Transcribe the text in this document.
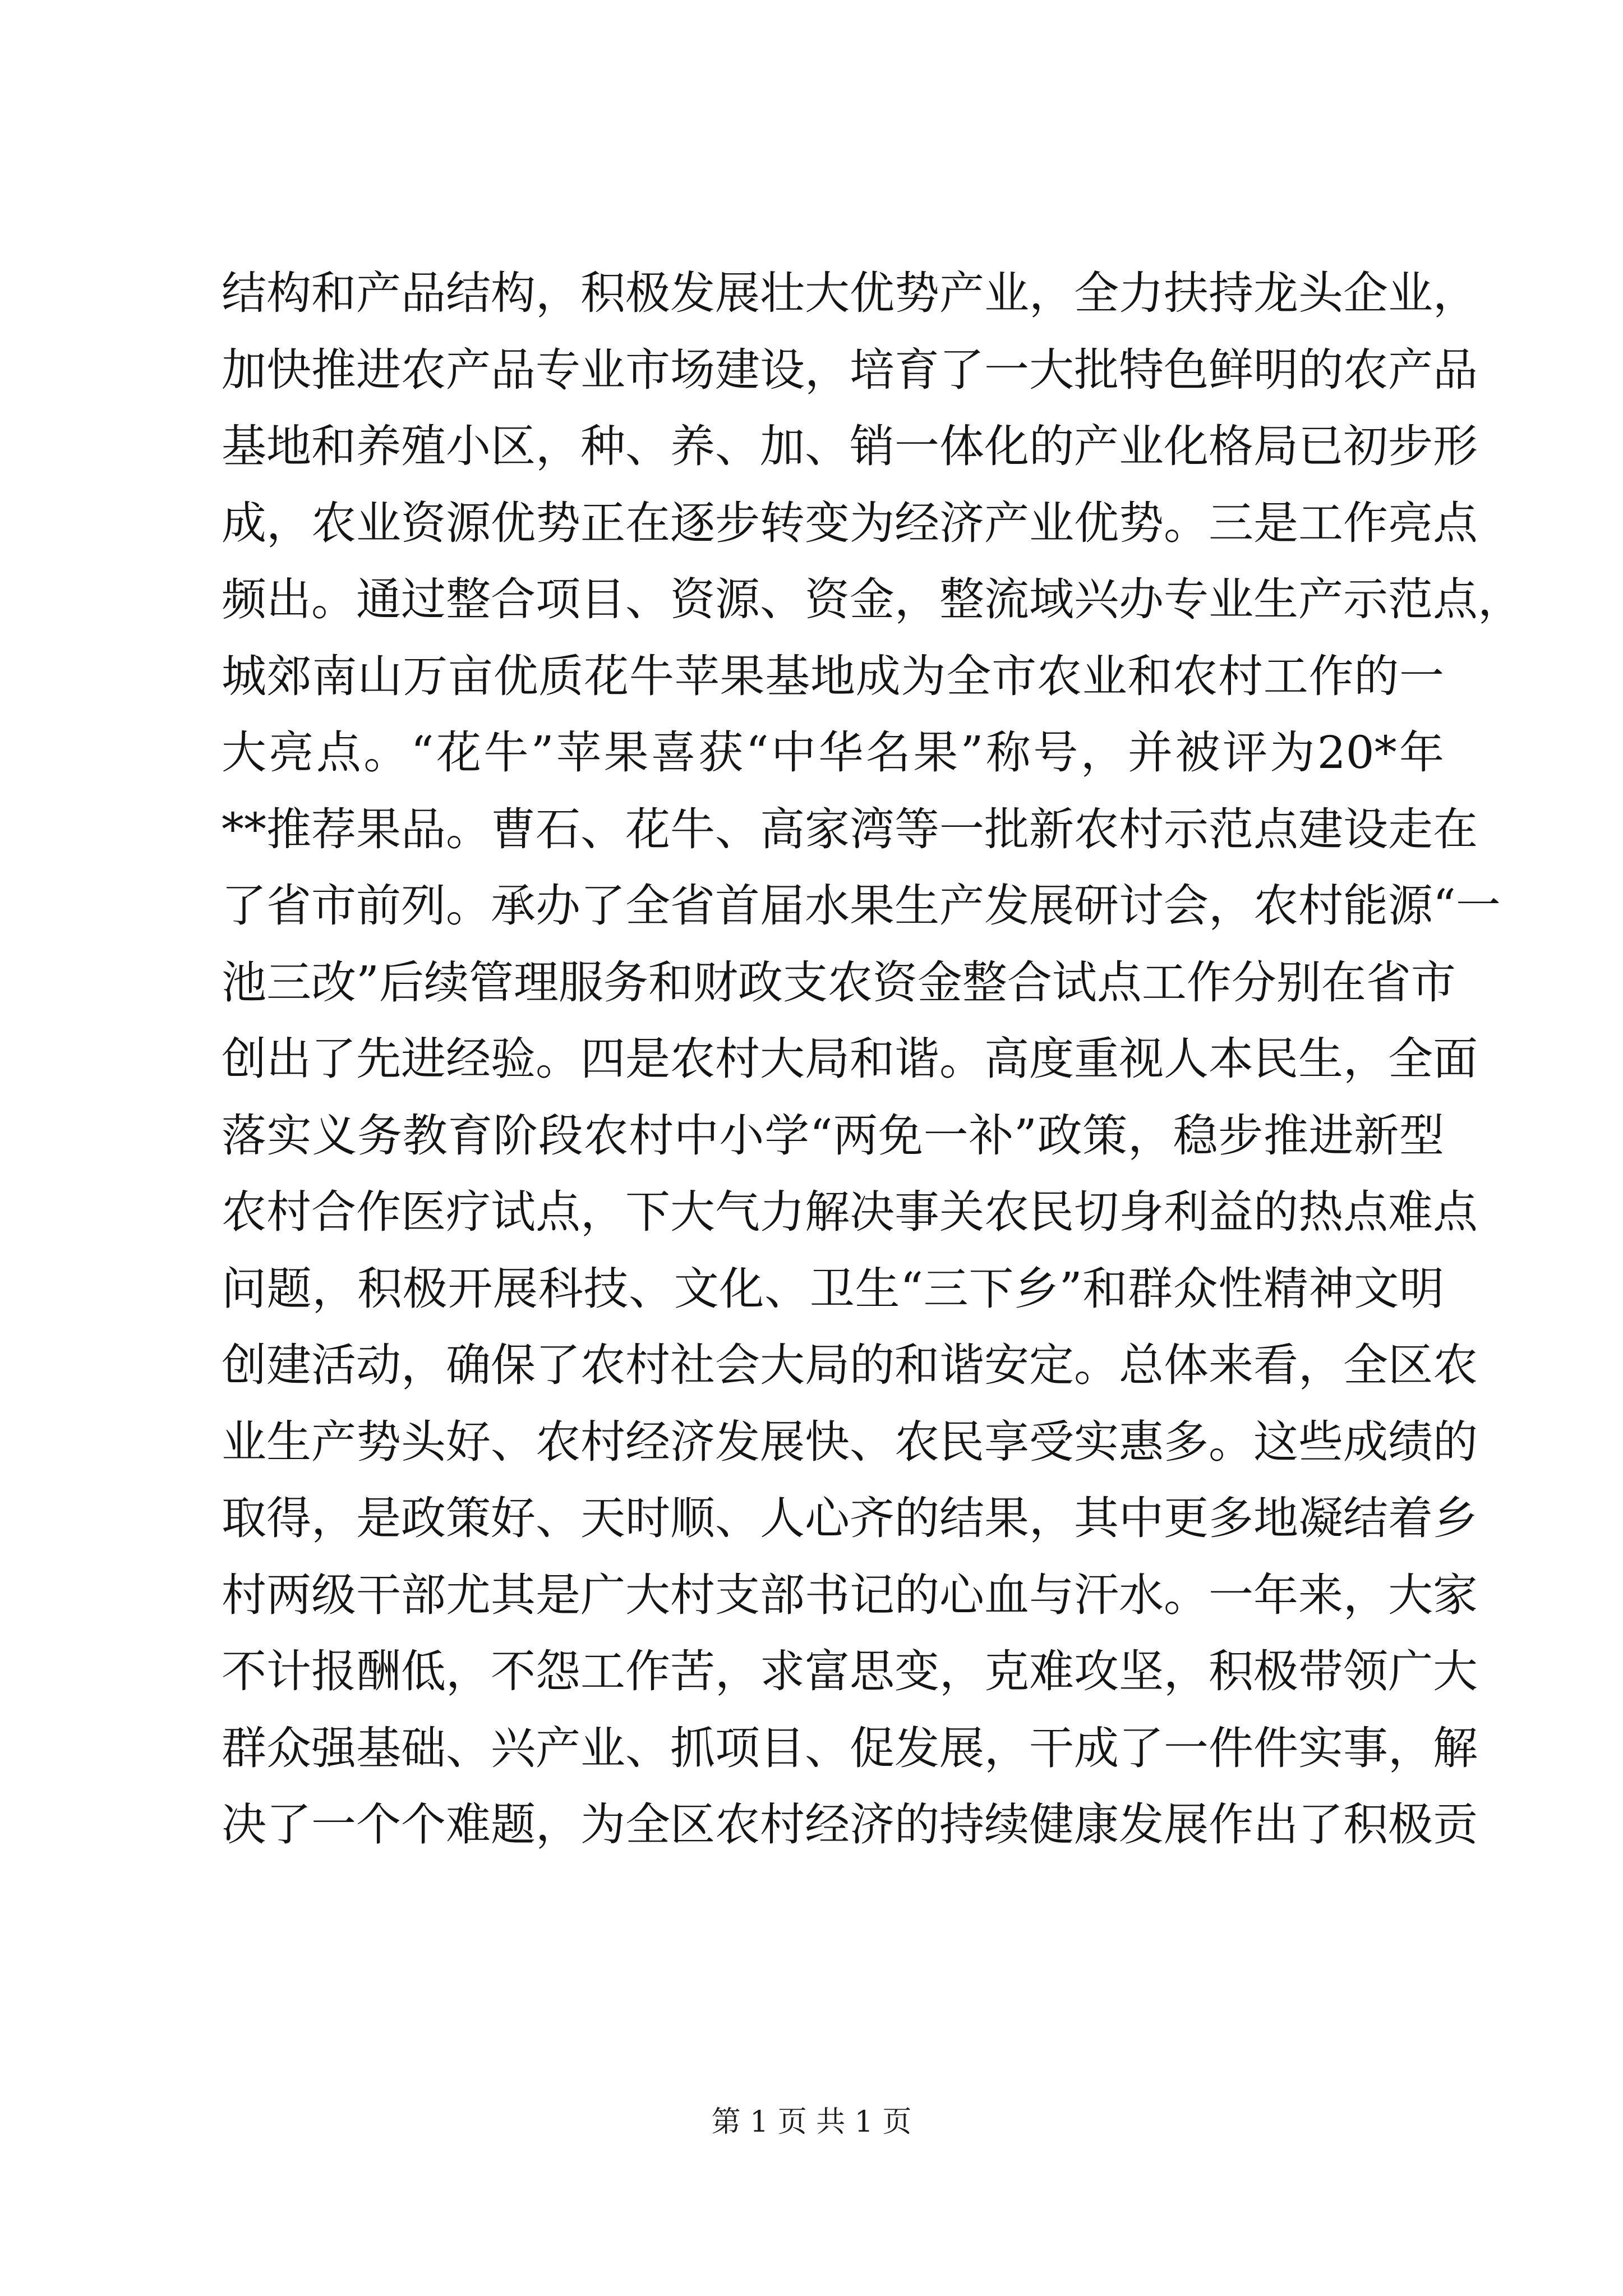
结构和产品结构，积极发展壮大优势产业，全力扶持龙头企业，
加快推进农产品专业市场建设，培育了一大批特色鲜明的农产品
基地和养殖小区，种、养、加、销一体化的产业化格局已初步形
成，农业资源优势正在逐步转变为经济产业优势。三是工作亮点
频出。通过整合项目、资源、资金，整流域兴办专业生产示范点，
城郊南山万亩优质花牛苹果基地成为全市农业和农村工作的一
大亮点。“花牛”苹果喜获“中华名果”称号，并被评为20*年
**推荐果品。曹石、花牛、高家湾等一批新农村示范点建设走在
了省市前列。承办了全省首届水果生产发展研讨会，农村能源“一
池三改”后续管理服务和财政支农资金整合试点工作分别在省市
创出了先进经验。四是农村大局和谐。高度重视人本民生，全面
落实义务教育阶段农村中小学“两免一补”政策，稳步推进新型
农村合作医疗试点，下大气力解决事关农民切身利益的热点难点
问题，积极开展科技、文化、卫生“三下乡”和群众性精神文明
创建活动，确保了农村社会大局的和谐安定。总体来看，全区农
业生产势头好、农村经济发展快、农民享受实惠多。这些成绩的
取得，是政策好、天时顺、人心齐的结果，其中更多地凝结着乡
村两级干部尤其是广大村支部书记的心血与汗水。一年来，大家
不计报酬低，不怨工作苦，求富思变，克难攻坚，积极带领广大
群众强基础、兴产业、抓项目、促发展，干成了一件件实事，解
决了一个个难题，为全区农村经济的持续健康发展作出了积极贡
第 1 页 共 1 页
